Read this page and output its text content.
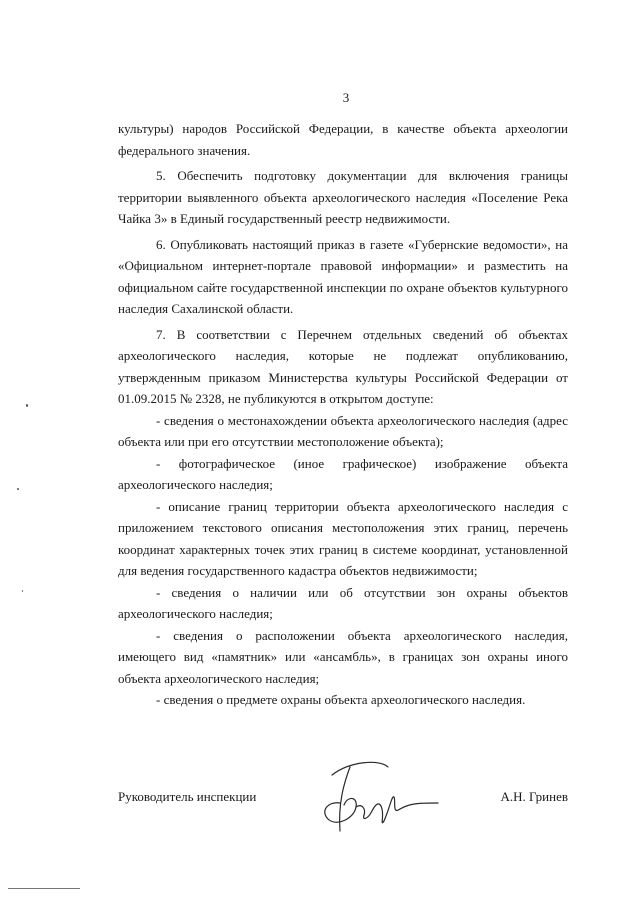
3

культуры) народов Российской Федерации, в качестве объекта археологии федерального значения.

5. Обеспечить подготовку документации для включения границы территории выявленного объекта археологического наследия «Поселение Река Чайка 3» в Единый государственный реестр недвижимости.

6. Опубликовать настоящий приказ в газете «Губернские ведомости», на «Официальном интернет-портале правовой информации» и разместить на официальном сайте государственной инспекции по охране объектов культурного наследия Сахалинской области.

7. В соответствии с Перечнем отдельных сведений об объектах археологического наследия, которые не подлежат опубликованию, утвержденным приказом Министерства культуры Российской Федерации от 01.09.2015 № 2328, не публикуются в открытом доступе:

- сведения о местонахождении объекта археологического наследия (адрес объекта или при его отсутствии местоположение объекта);

- фотографическое (иное графическое) изображение объекта археологического наследия;

- описание границ территории объекта археологического наследия с приложением текстового описания местоположения этих границ, перечень координат характерных точек этих границ в системе координат, установленной для ведения государственного кадастра объектов недвижимости;

- сведения о наличии или об отсутствии зон охраны объектов археологического наследия;

- сведения о расположении объекта археологического наследия, имеющего вид «памятник» или «ансамбль», в границах зон охраны иного объекта археологического наследия;

- сведения о предмете охраны объекта археологического наследия.

Руководитель инспекции	А.Н. Гринев
